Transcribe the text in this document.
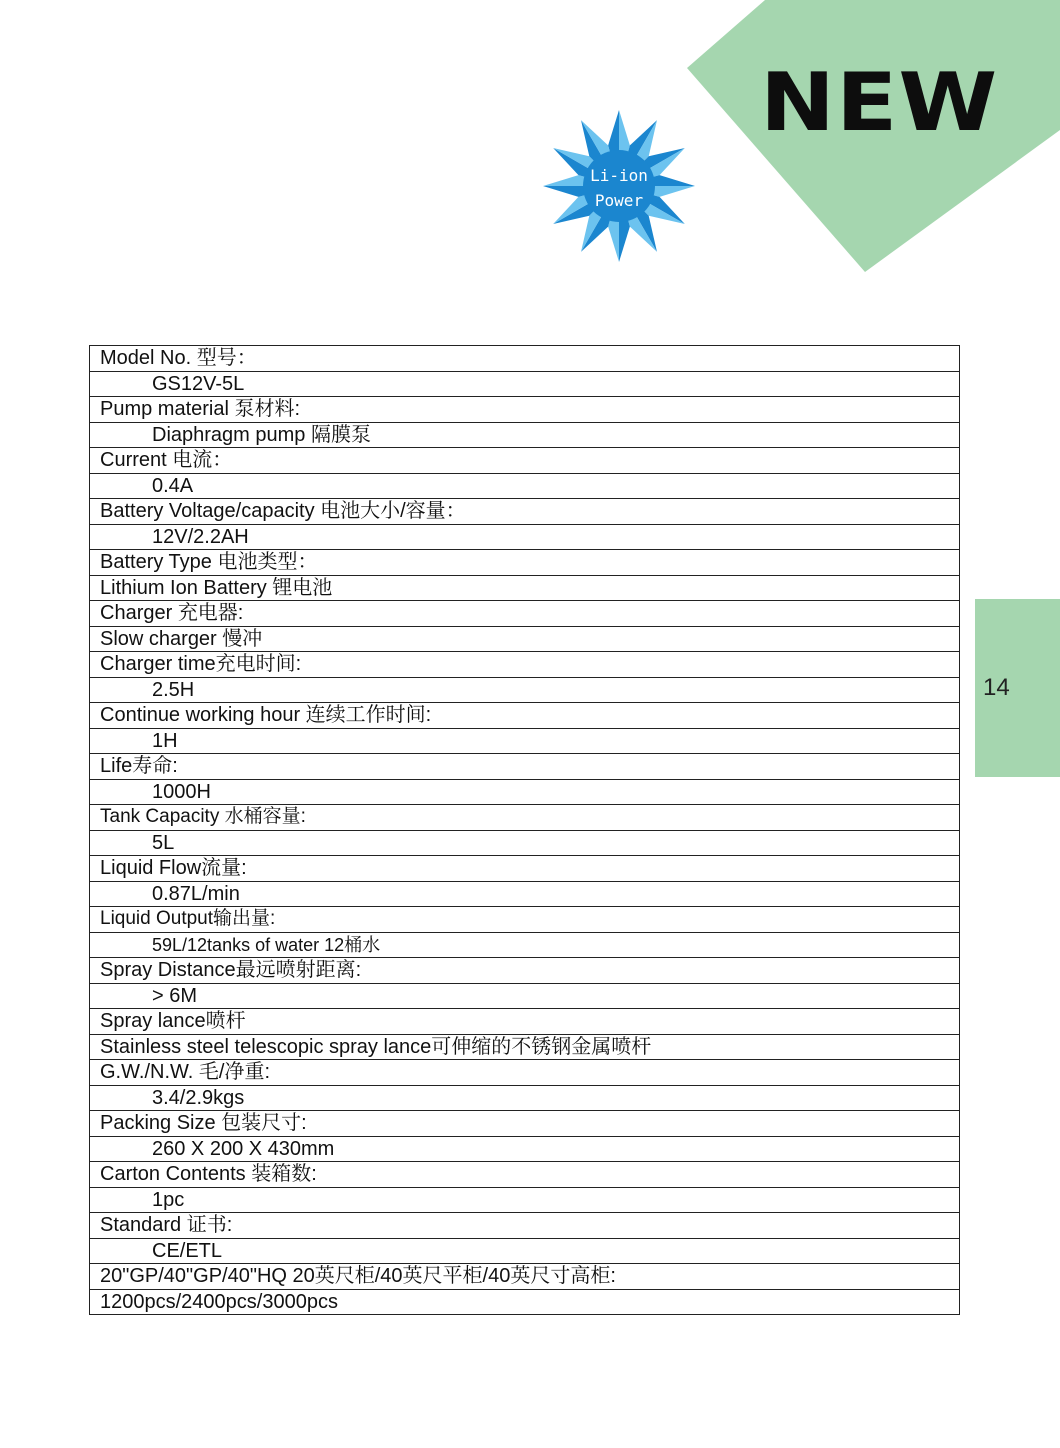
NEW
Li-ion
Power
14
Model No. 型号：
GS12V-5L
Pump material 泵材料:
Diaphragm pump 隔膜泵
Current 电流：
0.4A
Battery Voltage/capacity 电池大小/容量：
12V/2.2AH
Battery Type 电池类型：
Lithium Ion Battery 锂电池
Charger 充电器:
Slow charger 慢冲
Charger time充电时间:
2.5H
Continue working hour 连续工作时间:
1H
Life寿命:
1000H
Tank Capacity 水桶容量:
5L
Liquid Flow流量:
0.87L/min
Liquid Output输出量:
59L/12tanks of water 12桶水
Spray Distance最远喷射距离:
> 6M
Spray lance喷杆
Stainless steel telescopic spray lance可伸缩的不锈钢金属喷杆
G.W./N.W. 毛/净重:
3.4/2.9kgs
Packing Size 包装尺寸:
260 X 200 X 430mm
Carton Contents 装箱数:
1pc
Standard 证书:
CE/ETL
20"GP/40"GP/40"HQ 20英尺柜/40英尺平柜/40英尺寸高柜:
1200pcs/2400pcs/3000pcs
